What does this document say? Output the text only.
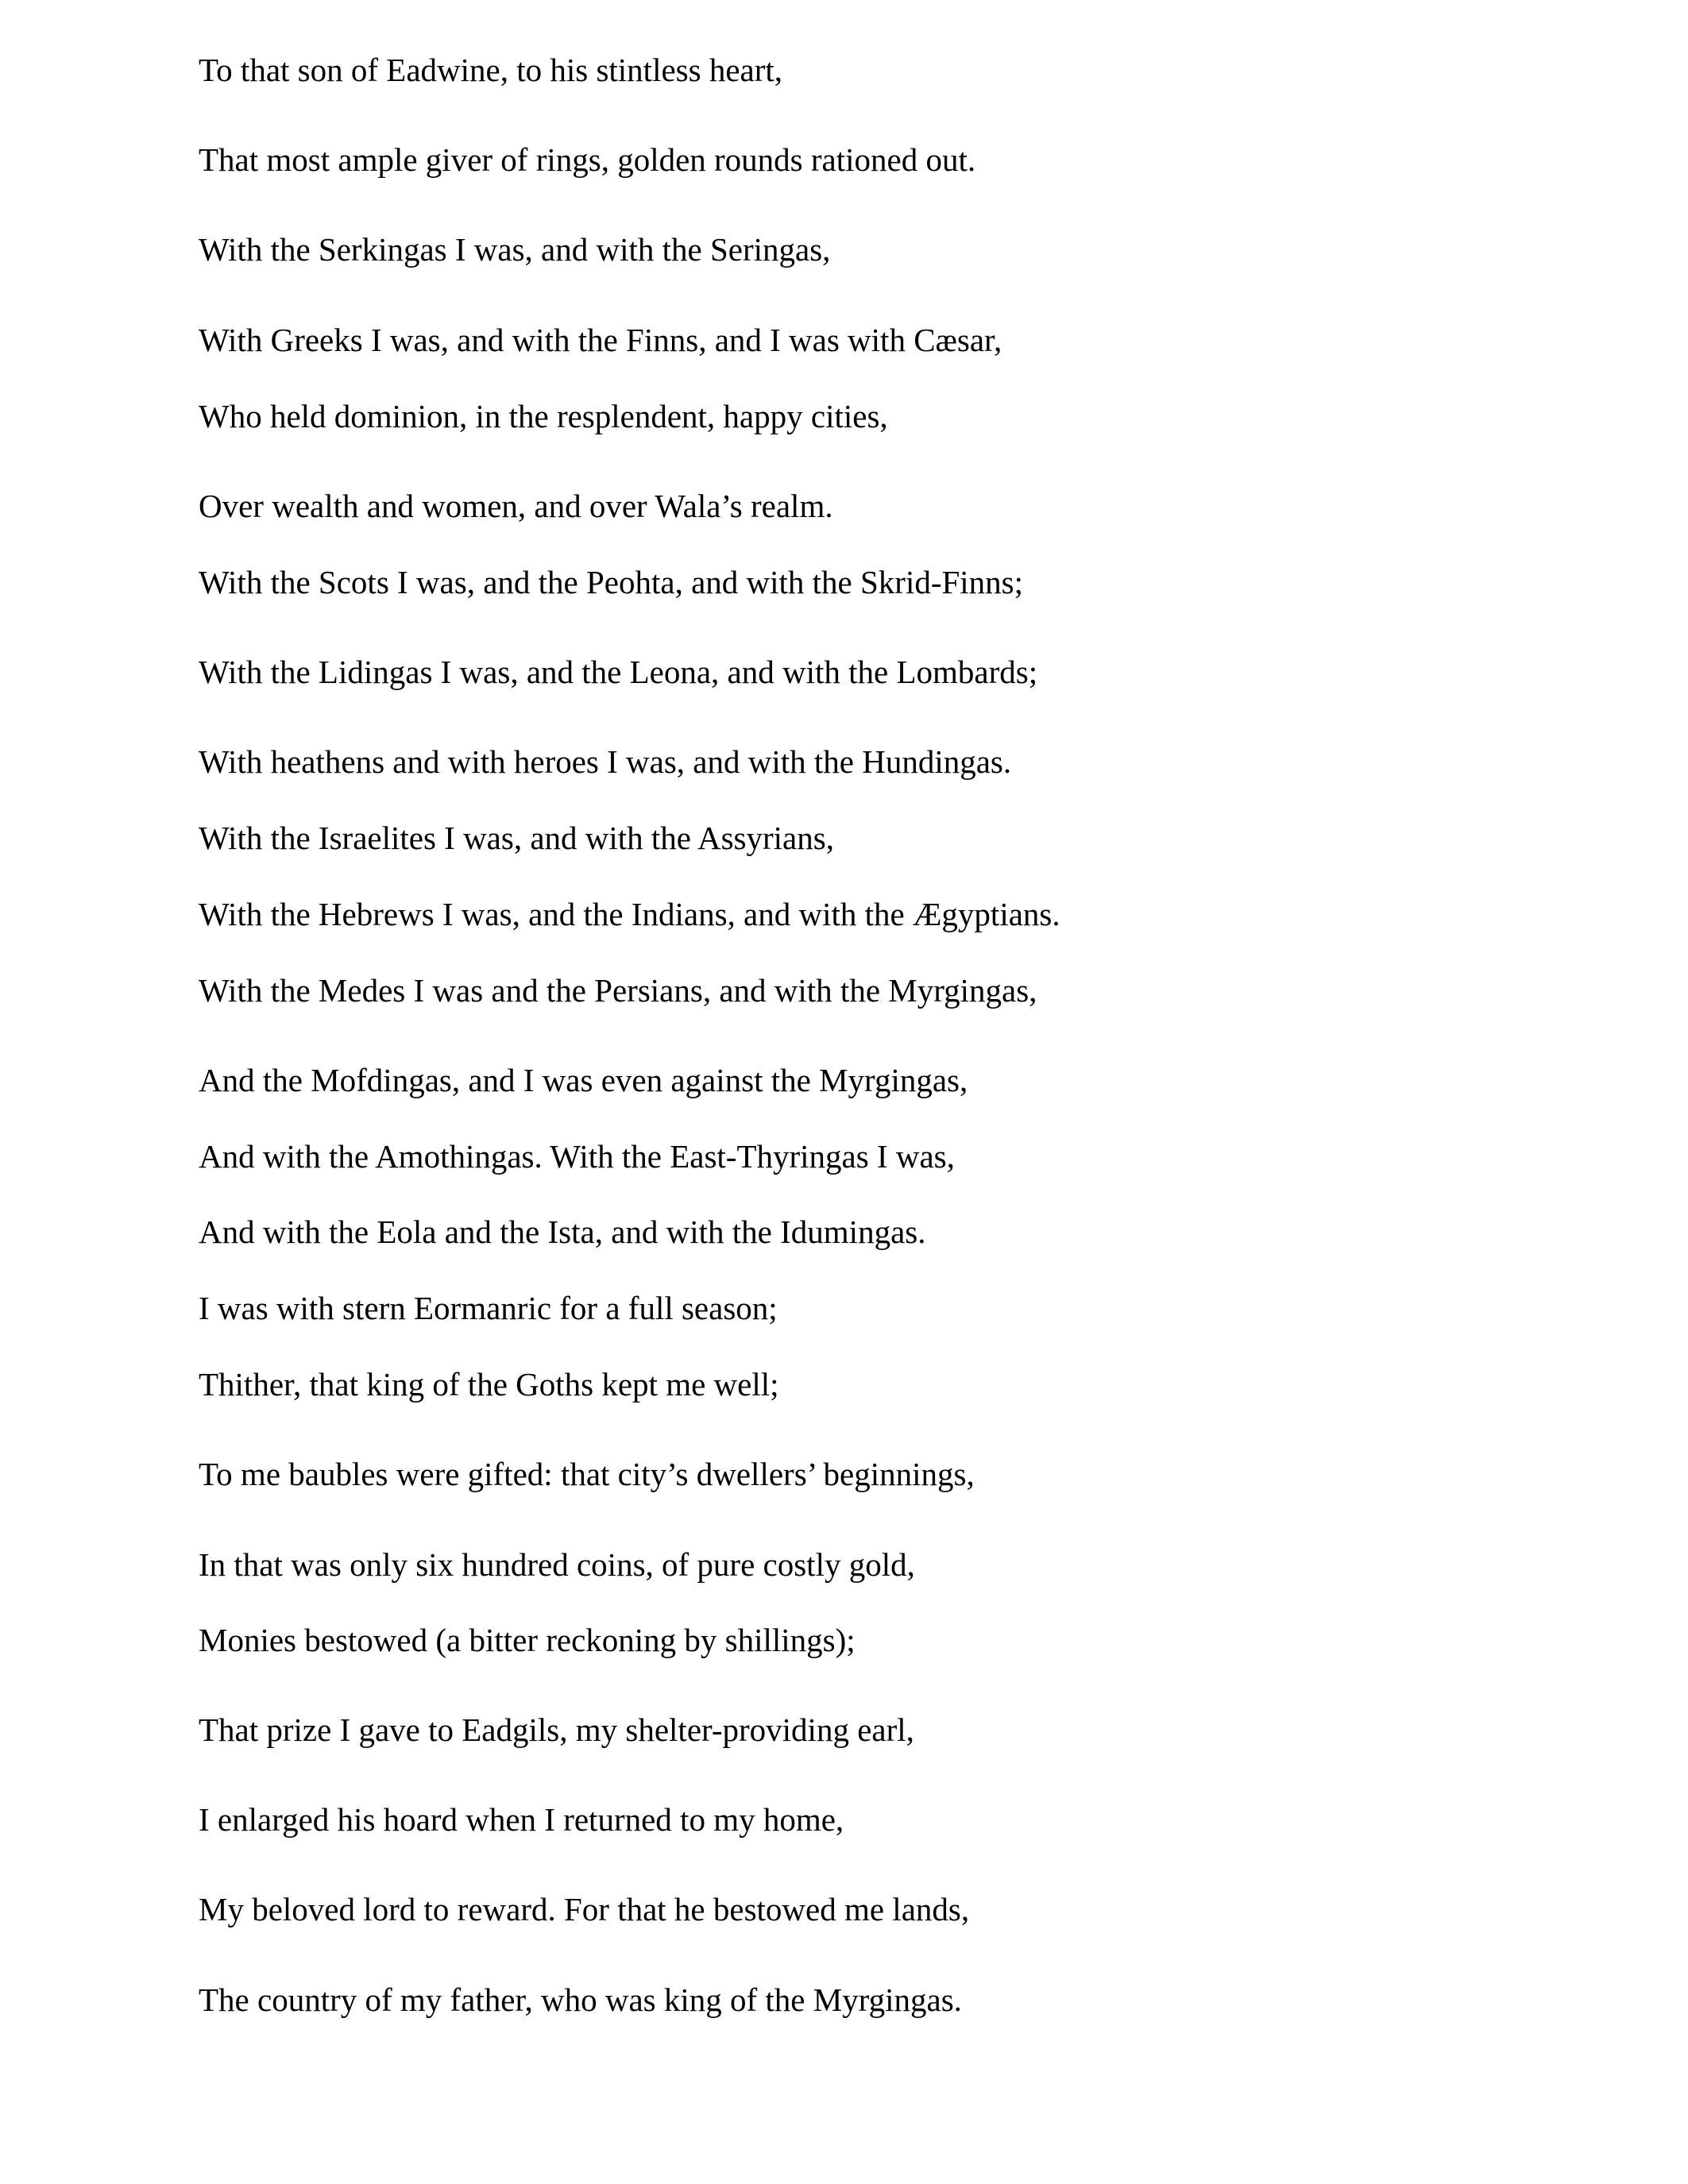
To that son of Eadwine, to his stintless heart,

That most ample giver of rings, golden rounds rationed out.

With the Serkingas I was, and with the Seringas,

With Greeks I was, and with the Finns, and I was with Cæsar,

Who held dominion, in the resplendent, happy cities,

Over wealth and women, and over Wala’s realm.

With the Scots I was, and the Peohta, and with the Skrid-Finns;

With the Lidingas I was, and the Leona, and with the Lombards;

With heathens and with heroes I was, and with the Hundingas.

With the Israelites I was, and with the Assyrians,

With the Hebrews I was, and the Indians, and with the Ægyptians.

With the Medes I was and the Persians, and with the Myrgingas,

And the Mofdingas, and I was even against the Myrgingas,

And with the Amothingas. With the East-Thyringas I was,

And with the Eola and the Ista, and with the Idumingas.

I was with stern Eormanric for a full season;

Thither, that king of the Goths kept me well;

To me baubles were gifted: that city’s dwellers’ beginnings,

In that was only six hundred coins, of pure costly gold,

Monies bestowed (a bitter reckoning by shillings);

That prize I gave to Eadgils, my shelter-providing earl,

I enlarged his hoard when I returned to my home,

My beloved lord to reward. For that he bestowed me lands,

The country of my father, who was king of the Myrgingas.
